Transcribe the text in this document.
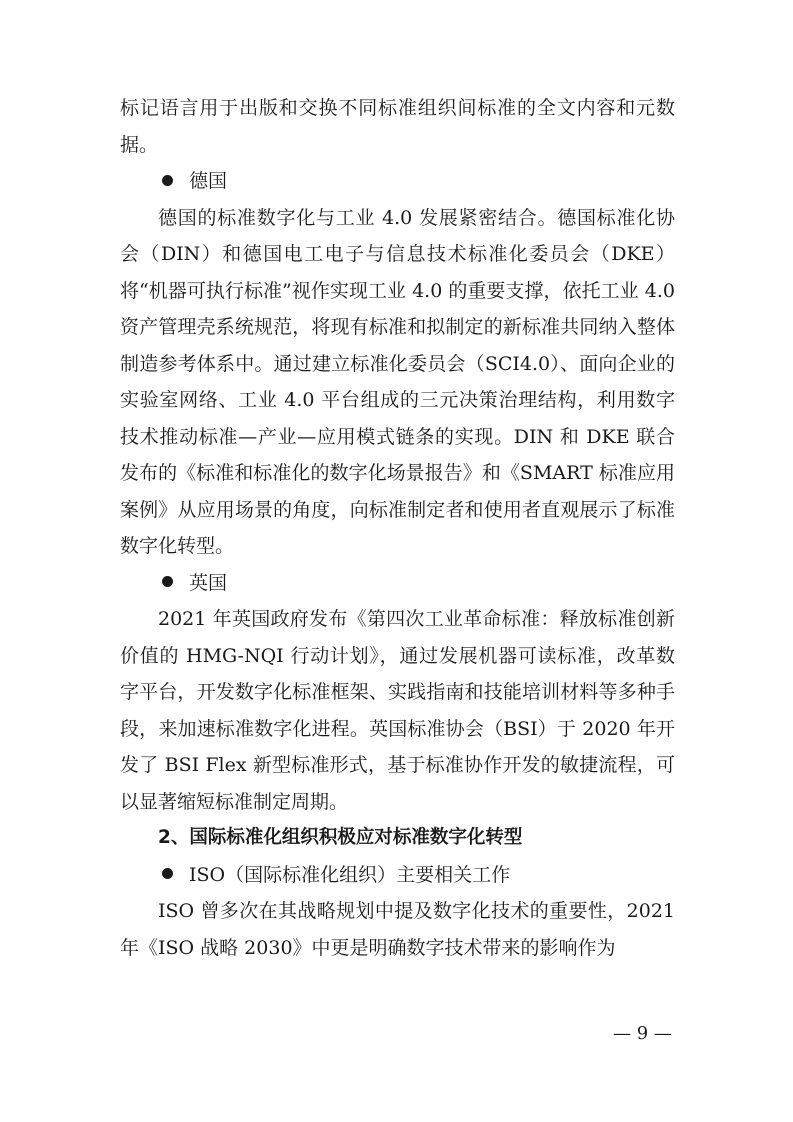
标记语言用于出版和交换不同标准组织间标准的全文内容和元数据。

德国

德国的标准数字化与工业 4.0 发展紧密结合。德国标准化协会（DIN）和德国电工电子与信息技术标准化委员会（DKE）将“机器可执行标准”视作实现工业 4.0 的重要支撑，依托工业 4.0 资产管理壳系统规范，将现有标准和拟制定的新标准共同纳入整体制造参考体系中。通过建立标准化委员会（SCI4.0）、面向企业的实验室网络、工业 4.0 平台组成的三元决策治理结构，利用数字技术推动标准—产业—应用模式链条的实现。DIN 和 DKE 联合发布的《标准和标准化的数字化场景报告》和《SMART 标准应用案例》从应用场景的角度，向标准制定者和使用者直观展示了标准数字化转型。

英国

2021 年英国政府发布《第四次工业革命标准：释放标准创新价值的 HMG-NQI 行动计划》，通过发展机器可读标准，改革数字平台，开发数字化标准框架、实践指南和技能培训材料等多种手段，来加速标准数字化进程。英国标准协会（BSI）于 2020 年开发了 BSI Flex 新型标准形式，基于标准协作开发的敏捷流程，可以显著缩短标准制定周期。

2、国际标准化组织积极应对标准数字化转型

ISO（国际标准化组织）主要相关工作

ISO 曾多次在其战略规划中提及数字化技术的重要性，2021 年《ISO 战略 2030》中更是明确数字技术带来的影响作为

— 9 —
